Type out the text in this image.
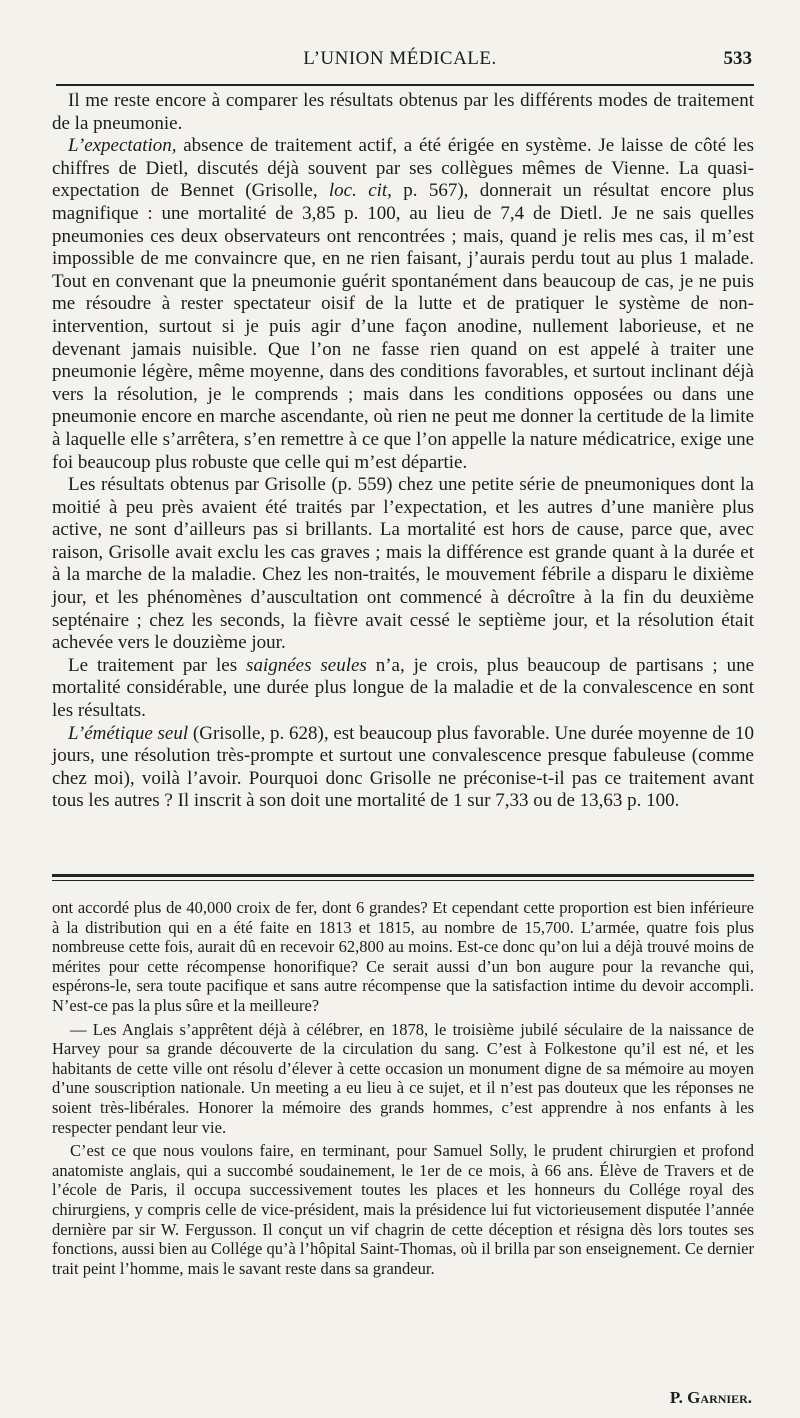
L’UNION MÉDICALE.	533

Il me reste encore à comparer les résultats obtenus par les différents modes de traitement de la pneumonie.

L’expectation, absence de traitement actif, a été érigée en système. Je laisse de côté les chiffres de Dietl, discutés déjà souvent par ses collègues mêmes de Vienne. La quasi-expectation de Bennet (Grisolle, loc. cit, p. 567), donnerait un résultat encore plus magnifique : une mortalité de 3,85 p. 100, au lieu de 7,4 de Dietl. Je ne sais quelles pneumonies ces deux observateurs ont rencontrées ; mais, quand je relis mes cas, il m’est impossible de me convaincre que, en ne rien faisant, j’aurais perdu tout au plus 1 malade. Tout en convenant que la pneumonie guérit spontanément dans beaucoup de cas, je ne puis me résoudre à rester spectateur oisif de la lutte et de pratiquer le système de non-intervention, surtout si je puis agir d’une façon anodine, nullement laborieuse, et ne devenant jamais nuisible. Que l’on ne fasse rien quand on est appelé à traiter une pneumonie légère, même moyenne, dans des conditions favorables, et surtout inclinant déjà vers la résolution, je le comprends ; mais dans les conditions opposées ou dans une pneumonie encore en marche ascendante, où rien ne peut me donner la certitude de la limite à laquelle elle s’arrêtera, s’en remettre à ce que l’on appelle la nature médicatrice, exige une foi beaucoup plus robuste que celle qui m’est départie.

Les résultats obtenus par Grisolle (p. 559) chez une petite série de pneumoniques dont la moitié à peu près avaient été traités par l’expectation, et les autres d’une manière plus active, ne sont d’ailleurs pas si brillants. La mortalité est hors de cause, parce que, avec raison, Grisolle avait exclu les cas graves ; mais la différence est grande quant à la durée et à la marche de la maladie. Chez les non-traités, le mouvement fébrile a disparu le dixième jour, et les phénomènes d’auscultation ont commencé à décroître à la fin du deuxième septénaire ; chez les seconds, la fièvre avait cessé le septième jour, et la résolution était achevée vers le douzième jour.

Le traitement par les saignées seules n’a, je crois, plus beaucoup de partisans ; une mortalité considérable, une durée plus longue de la maladie et de la convalescence en sont les résultats.

L’émétique seul (Grisolle, p. 628), est beaucoup plus favorable. Une durée moyenne de 10 jours, une résolution très-prompte et surtout une convalescence presque fabuleuse (comme chez moi), voilà l’avoir. Pourquoi donc Grisolle ne préconise-t-il pas ce traitement avant tous les autres ? Il inscrit à son doit une mortalité de 1 sur 7,33 ou de 13,63 p. 100.

ont accordé plus de 40,000 croix de fer, dont 6 grandes? Et cependant cette proportion est bien inférieure à la distribution qui en a été faite en 1813 et 1815, au nombre de 15,700. L’armée, quatre fois plus nombreuse cette fois, aurait dû en recevoir 62,800 au moins. Est-ce donc qu’on lui a déjà trouvé moins de mérites pour cette récompense honorifique? Ce serait aussi d’un bon augure pour la revanche qui, espérons-le, sera toute pacifique et sans autre récompense que la satisfaction intime du devoir accompli. N’est-ce pas la plus sûre et la meilleure?

— Les Anglais s’apprêtent déjà à célébrer, en 1878, le troisième jubilé séculaire de la naissance de Harvey pour sa grande découverte de la circulation du sang. C’est à Folkestone qu’il est né, et les habitants de cette ville ont résolu d’élever à cette occasion un monument digne de sa mémoire au moyen d’une souscription nationale. Un meeting a eu lieu à ce sujet, et il n’est pas douteux que les réponses ne soient très-libérales. Honorer la mémoire des grands hommes, c’est apprendre à nos enfants à les respecter pendant leur vie.

C’est ce que nous voulons faire, en terminant, pour Samuel Solly, le prudent chirurgien et profond anatomiste anglais, qui a succombé soudainement, le 1er de ce mois, à 66 ans. Élève de Travers et de l’école de Paris, il occupa successivement toutes les places et les honneurs du Collége royal des chirurgiens, y compris celle de vice-président, mais la présidence lui fut victorieusement disputée l’année dernière par sir W. Fergusson. Il conçut un vif chagrin de cette déception et résigna dès lors toutes ses fonctions, aussi bien au Collége qu’à l’hôpital Saint-Thomas, où il brilla par son enseignement. Ce dernier trait peint l’homme, mais le savant reste dans sa grandeur.

P. Garnier.
